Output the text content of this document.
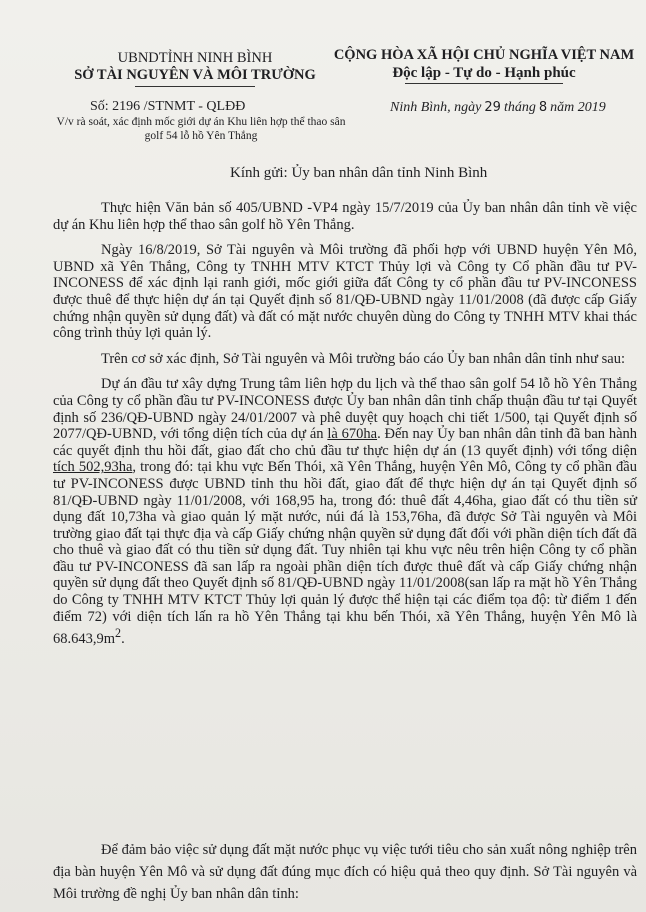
UBNDTỈNH NINH BÌNH
SỞ TÀI NGUYÊN VÀ MÔI TRƯỜNG
CỘNG HÒA XÃ HỘI CHỦ NGHĨA VIỆT NAM
Độc lập - Tự do - Hạnh phúc
Số: 2196 /STNMT - QLĐĐ
V/v rà soát, xác định mốc giới dự án Khu liên hợp thể thao sân golf 54 lỗ hồ Yên Thắng
Ninh Bình, ngày 29 tháng 8 năm 2019
Kính gửi: Ủy ban nhân dân tỉnh Ninh Bình

Thực hiện Văn bản số 405/UBND -VP4 ngày 15/7/2019 của Ủy ban nhân dân tỉnh về việc dự án Khu liên hợp thể thao sân golf hồ Yên Thắng.

Ngày 16/8/2019, Sở Tài nguyên và Môi trường đã phối hợp với UBND huyện Yên Mô, UBND xã Yên Thắng, Công ty TNHH MTV KTCT Thủy lợi và Công ty Cổ phần đầu tư PV-INCONESS để xác định lại ranh giới, mốc giới giữa đất Công ty cổ phần đầu tư PV-INCONESS được thuê để thực hiện dự án tại Quyết định số 81/QĐ-UBND ngày 11/01/2008 (đã được cấp Giấy chứng nhận quyền sử dụng đất) và đất có mặt nước chuyên dùng do Công ty TNHH MTV khai thác công trình thủy lợi quản lý.

Trên cơ sở xác định, Sở Tài nguyên và Môi trường báo cáo Ủy ban nhân dân tỉnh như sau:

Dự án đầu tư xây dựng Trung tâm liên hợp du lịch và thể thao sân golf 54 lỗ hồ Yên Thắng của Công ty cổ phần đầu tư PV-INCONESS được Ủy ban nhân dân tỉnh chấp thuận đầu tư tại Quyết định số 236/QĐ-UBND ngày 24/01/2007 và phê duyệt quy hoạch chi tiết 1/500, tại Quyết định số 2077/QĐ-UBND, với tổng diện tích của dự án là 670ha. Đến nay Ủy ban nhân dân tỉnh đã ban hành các quyết định thu hồi đất, giao đất cho chủ đầu tư thực hiện dự án (13 quyết định) với tổng diện tích 502,93ha, trong đó: tại khu vực Bến Thói, xã Yên Thắng, huyện Yên Mô, Công ty cổ phần đầu tư PV-INCONESS được UBND tỉnh thu hồi đất, giao đất để thực hiện dự án tại Quyết định số 81/QĐ-UBND ngày 11/01/2008, với 168,95 ha, trong đó: thuê đất 4,46ha, giao đất có thu tiền sử dụng đất 10,73ha và giao quản lý mặt nước, núi đá là 153,76ha, đã được Sở Tài nguyên và Môi trường giao đất tại thực địa và cấp Giấy chứng nhận quyền sử dụng đất đối với phần diện tích đất đã cho thuê và giao đất có thu tiền sử dụng đất. Tuy nhiên tại khu vực nêu trên hiện Công ty cổ phần đầu tư PV-INCONESS đã san lấp ra ngoài phần diện tích được thuê đất và cấp Giấy chứng nhận quyền sử dụng đất theo Quyết định số 81/QĐ-UBND ngày 11/01/2008(san lấp ra mặt hồ Yên Thắng do Công ty TNHH MTV KTCT Thủy lợi quản lý được thể hiện tại các điểm tọa độ: từ điểm 1 đến điểm 72) với diện tích lấn ra hồ Yên Thắng tại khu bến Thói, xã Yên Thắng, huyện Yên Mô là $68.643,9m^2$.

Để đảm bảo việc sử dụng đất mặt nước phục vụ việc tưới tiêu cho sản xuất nông nghiệp trên địa bàn huyện Yên Mô và sử dụng đất đúng mục đích có hiệu quả theo quy định. Sở Tài nguyên và Môi trường đề nghị Ủy ban nhân dân tỉnh:
